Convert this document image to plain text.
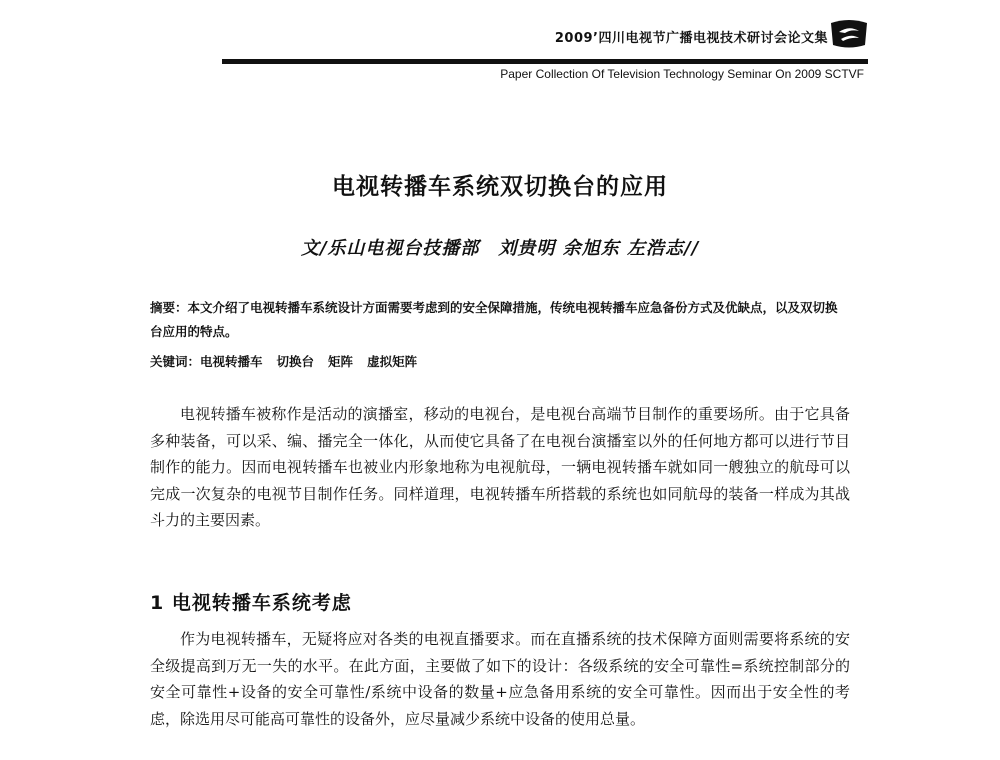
2009’四川电视节广播电视技术研讨会论文集
Paper Collection Of Television Technology Seminar On 2009 SCTVF
电视转播车系统双切换台的应用
文/乐山电视台技播部　刘贵明 余旭东 左浩志//
摘要：本文介绍了电视转播车系统设计方面需要考虑到的安全保障措施，传统电视转播车应急备份方式及优缺点，以及双切换台应用的特点。
关键词：电视转播车 切换台 矩阵 虚拟矩阵

电视转播车被称作是活动的演播室，移动的电视台，是电视台高端节目制作的重要场所。由于它具备多种装备，可以采、编、播完全一体化，从而使它具备了在电视台演播室以外的任何地方都可以进行节目制作的能力。因而电视转播车也被业内形象地称为电视航母，一辆电视转播车就如同一艘独立的航母可以完成一次复杂的电视节目制作任务。同样道理，电视转播车所搭载的系统也如同航母的装备一样成为其战斗力的主要因素。

1 电视转播车系统考虑

作为电视转播车，无疑将应对各类的电视直播要求。而在直播系统的技术保障方面则需要将系统的安全级提高到万无一失的水平。在此方面，主要做了如下的设计：各级系统的安全可靠性=系统控制部分的安全可靠性+设备的安全可靠性/系统中设备的数量+应急备用系统的安全可靠性。因而出于安全性的考虑，除选用尽可能高可靠性的设备外，应尽量减少系统中设备的使用总量。
